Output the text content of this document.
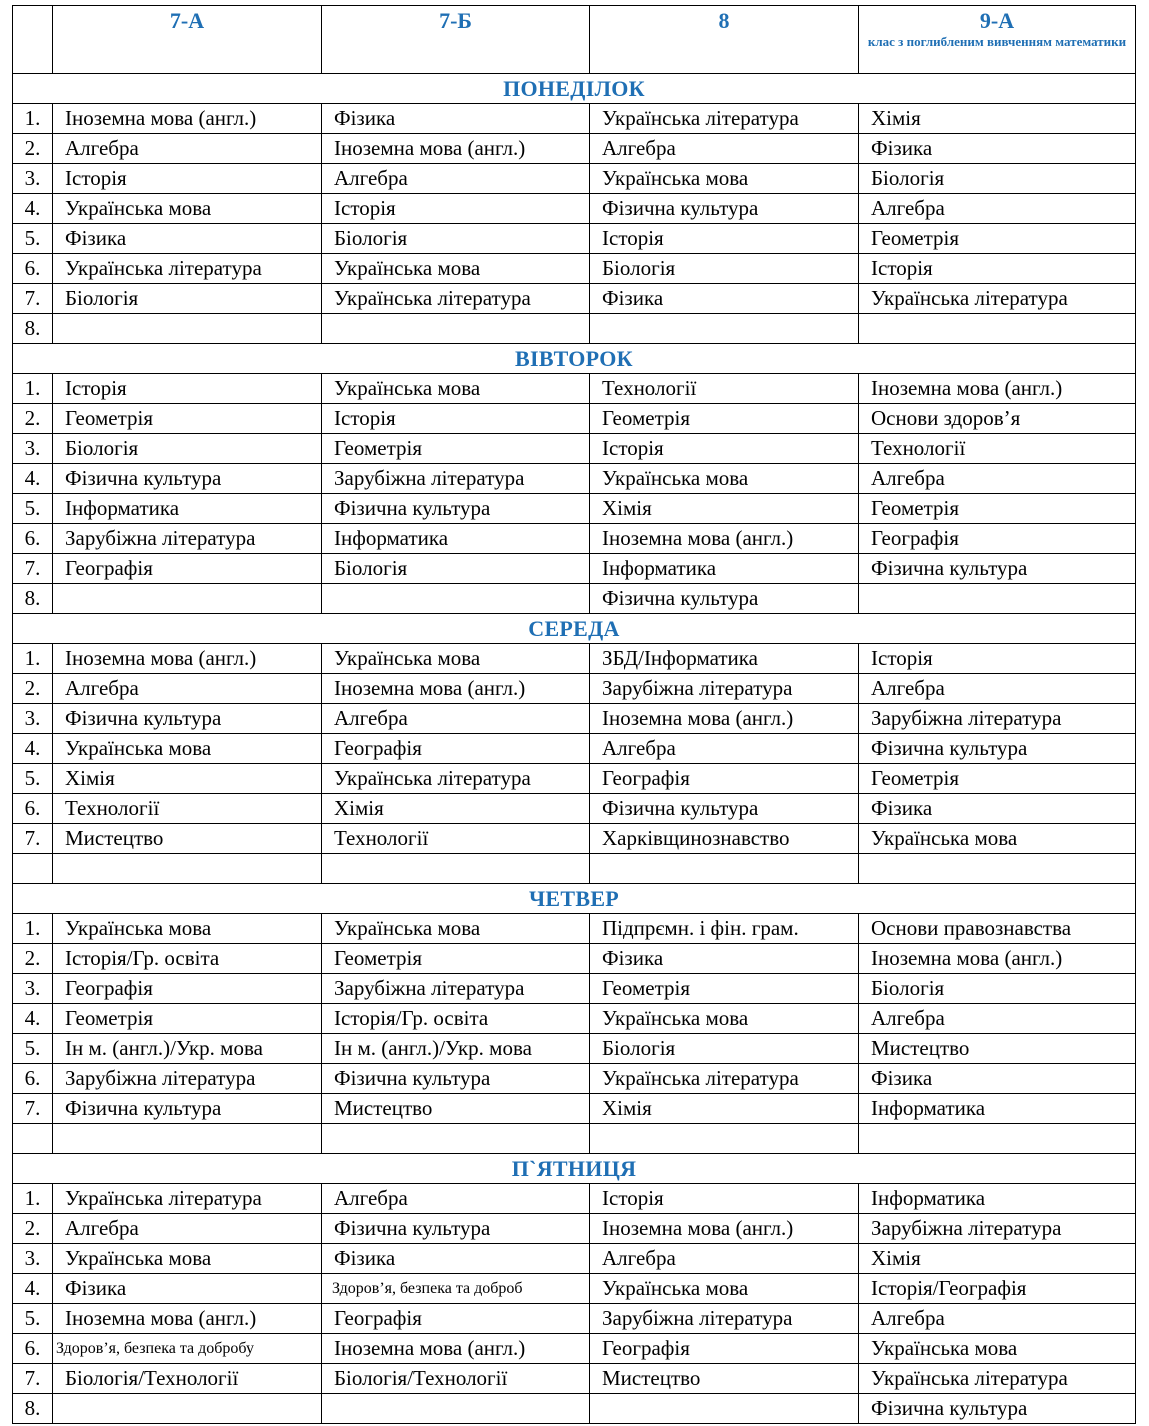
	7-А	7-Б	8	9-А
клас з поглибленим вивченням математики

ПОНЕДІЛОК				
1.	Іноземна мова (англ.)	Фізика	Українська література	Хімія
2.	Алгебра	Іноземна мова (англ.)	Алгебра	Фізика
3.	Історія	Алгебра	Українська мова	Біологія
4.	Українська мова	Історія	Фізична культура	Алгебра
5.	Фізика	Біологія	Історія	Геометрія
6.	Українська література	Українська мова	Біологія	Історія
7.	Біологія	Українська література	Фізика	Українська література
8.				
ВІВТОРОК				
1.	Історія	Українська мова	Технології	Іноземна мова (англ.)
2.	Геометрія	Історія	Геометрія	Основи здоров’я
3.	Біологія	Геометрія	Історія	Технології
4.	Фізична культура	Зарубіжна література	Українська мова	Алгебра
5.	Інформатика	Фізична культура	Хімія	Геометрія
6.	Зарубіжна література	Інформатика	Іноземна мова (англ.)	Географія
7.	Географія	Біологія	Інформатика	Фізична культура
8.			Фізична культура	
СЕРЕДА				
1.	Іноземна мова (англ.)	Українська мова	ЗБД/Інформатика	Історія
2.	Алгебра	Іноземна мова (англ.)	Зарубіжна література	Алгебра
3.	Фізична культура	Алгебра	Іноземна мова (англ.)	Зарубіжна література
4.	Українська мова	Географія	Алгебра	Фізична культура
5.	Хімія	Українська література	Географія	Геометрія
6.	Технології	Хімія	Фізична культура	Фізика
7.	Мистецтво	Технології	Харківщинознавство	Українська мова

ЧЕТВЕР				
1.	Українська мова	Українська мова	Підпрємн. і фін. грам.	Основи правознавства
2.	Історія/Гр. освіта	Геометрія	Фізика	Іноземна мова (англ.)
3.	Географія	Зарубіжна література	Геометрія	Біологія
4.	Геометрія	Історія/Гр. освіта	Українська мова	Алгебра
5.	Ін м. (англ.)/Укр. мова	Ін м. (англ.)/Укр. мова	Біологія	Мистецтво
6.	Зарубіжна література	Фізична культура	Українська література	Фізика
7.	Фізична культура	Мистецтво	Хімія	Інформатика

П`ЯТНИЦЯ				
1.	Українська література	Алгебра	Історія	Інформатика
2.	Алгебра	Фізична культура	Іноземна мова (англ.)	Зарубіжна література
3.	Українська мова	Фізика	Алгебра	Хімія
4.	Фізика	Здоров’я, безпека та доброб	Українська мова	Історія/Географія
5.	Іноземна мова (англ.)	Географія	Зарубіжна література	Алгебра
6.	Здоров’я, безпека та добробу	Іноземна мова (англ.)	Географія	Українська мова
7.	Біологія/Технології	Біологія/Технології	Мистецтво	Українська література
8.				Фізична культура
